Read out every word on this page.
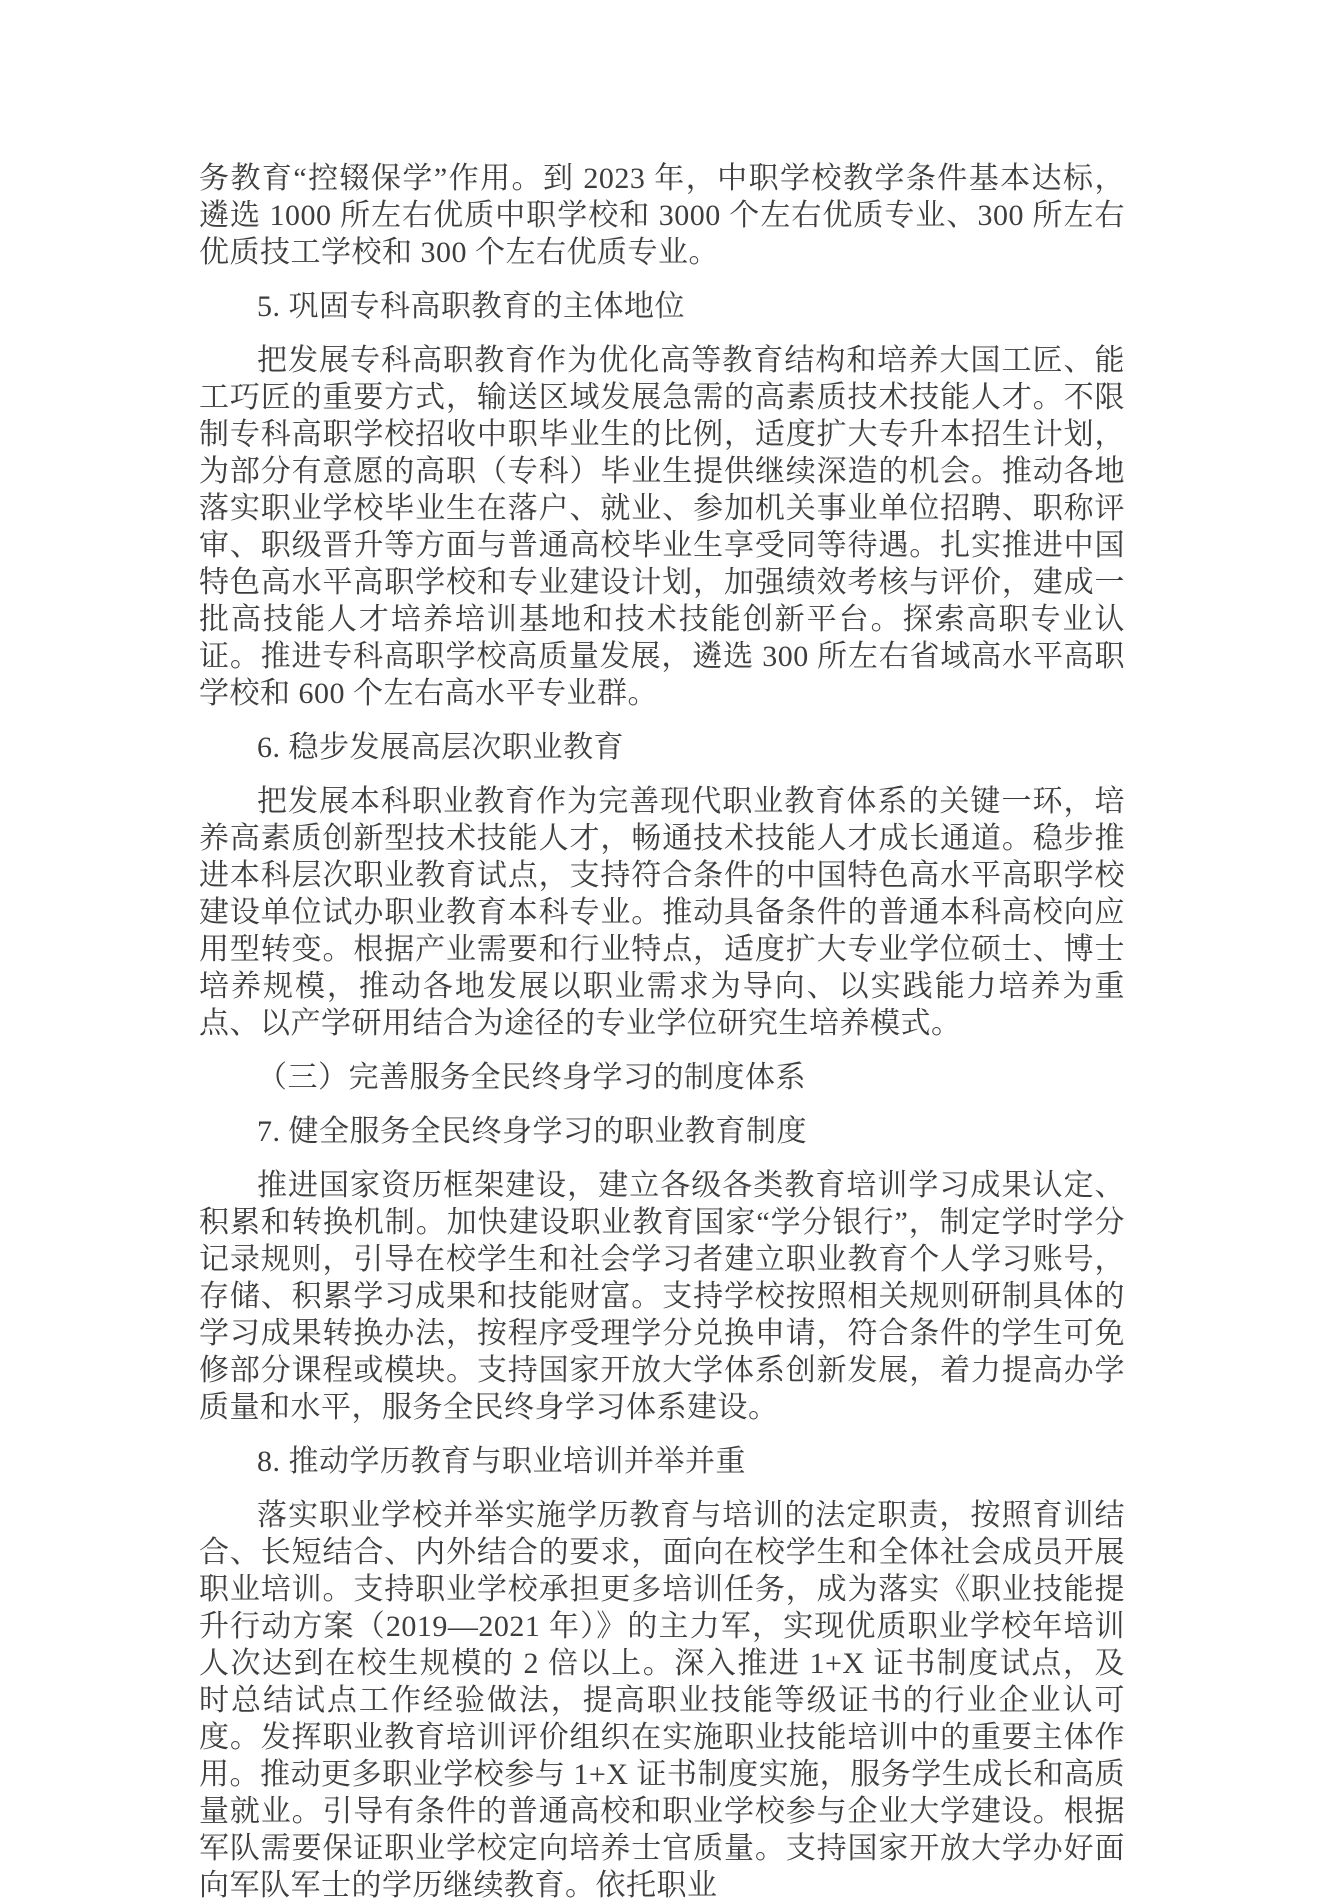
务教育“控辍保学”作用。到 2023 年，中职学校教学条件基本达标，遴选 1000 所左右优质中职学校和 3000 个左右优质专业、300 所左右优质技工学校和 300 个左右优质专业。

5. 巩固专科高职教育的主体地位

把发展专科高职教育作为优化高等教育结构和培养大国工匠、能工巧匠的重要方式，输送区域发展急需的高素质技术技能人才。不限制专科高职学校招收中职毕业生的比例，适度扩大专升本招生计划，为部分有意愿的高职（专科）毕业生提供继续深造的机会。推动各地落实职业学校毕业生在落户、就业、参加机关事业单位招聘、职称评审、职级晋升等方面与普通高校毕业生享受同等待遇。扎实推进中国特色高水平高职学校和专业建设计划，加强绩效考核与评价，建成一批高技能人才培养培训基地和技术技能创新平台。探索高职专业认证。推进专科高职学校高质量发展，遴选 300 所左右省域高水平高职学校和 600 个左右高水平专业群。

6. 稳步发展高层次职业教育

把发展本科职业教育作为完善现代职业教育体系的关键一环，培养高素质创新型技术技能人才，畅通技术技能人才成长通道。稳步推进本科层次职业教育试点，支持符合条件的中国特色高水平高职学校建设单位试办职业教育本科专业。推动具备条件的普通本科高校向应用型转变。根据产业需要和行业特点，适度扩大专业学位硕士、博士培养规模，推动各地发展以职业需求为导向、以实践能力培养为重点、以产学研用结合为途径的专业学位研究生培养模式。

（三）完善服务全民终身学习的制度体系

7. 健全服务全民终身学习的职业教育制度

推进国家资历框架建设，建立各级各类教育培训学习成果认定、积累和转换机制。加快建设职业教育国家“学分银行”，制定学时学分记录规则，引导在校学生和社会学习者建立职业教育个人学习账号，存储、积累学习成果和技能财富。支持学校按照相关规则研制具体的学习成果转换办法，按程序受理学分兑换申请，符合条件的学生可免修部分课程或模块。支持国家开放大学体系创新发展，着力提高办学质量和水平，服务全民终身学习体系建设。

8. 推动学历教育与职业培训并举并重

落实职业学校并举实施学历教育与培训的法定职责，按照育训结合、长短结合、内外结合的要求，面向在校学生和全体社会成员开展职业培训。支持职业学校承担更多培训任务，成为落实《职业技能提升行动方案（2019—2021 年）》的主力军，实现优质职业学校年培训人次达到在校生规模的 2 倍以上。深入推进 1+X 证书制度试点，及时总结试点工作经验做法，提高职业技能等级证书的行业企业认可度。发挥职业教育培训评价组织在实施职业技能培训中的重要主体作用。推动更多职业学校参与 1+X 证书制度实施，服务学生成长和高质量就业。引导有条件的普通高校和职业学校参与企业大学建设。根据军队需要保证职业学校定向培养士官质量。支持国家开放大学办好面向军队军士的学历继续教育。依托职业
